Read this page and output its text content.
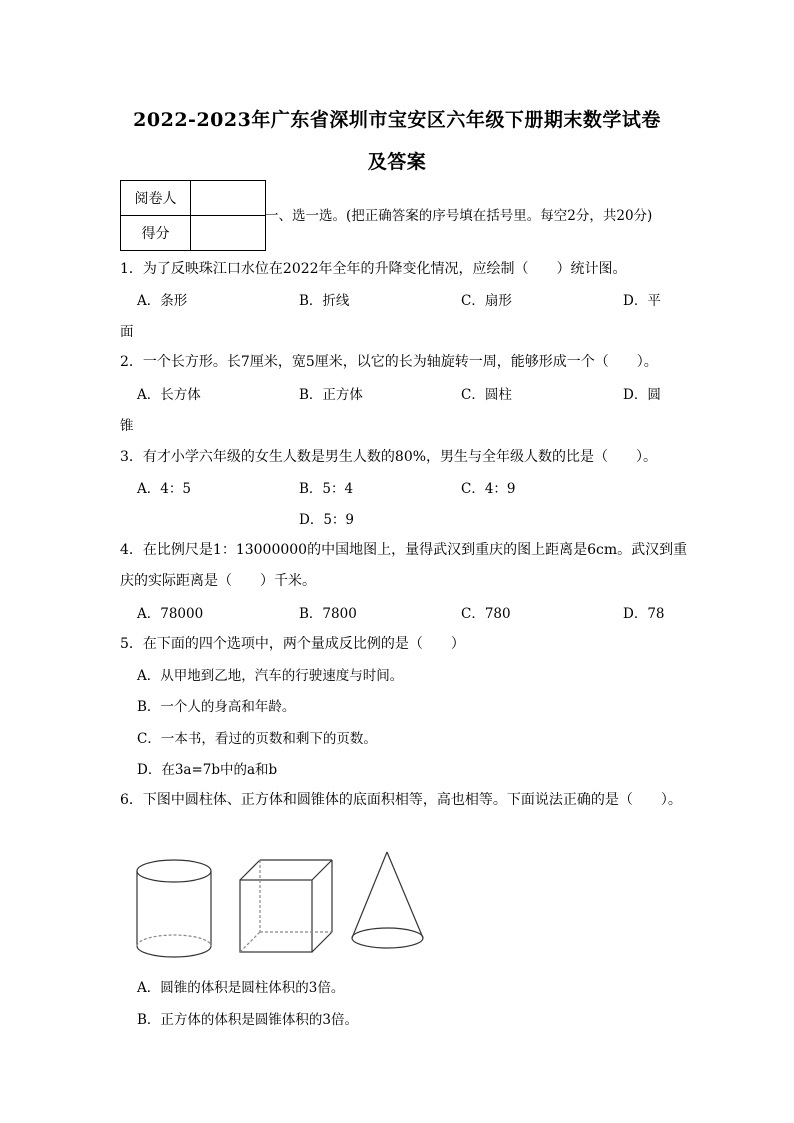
2022-2023年广东省深圳市宝安区六年级下册期末数学试卷
及答案
阅卷人	
得分	
一、选一选。(把正确答案的序号填在括号里。每空2分，共20分)
1．为了反映珠江口水位在2022年全年的升降变化情况，应绘制（　　）统计图。
A．条形	B．折线	C．扇形	D．平
面
2．一个长方形。长7厘米，宽5厘米，以它的长为轴旋转一周，能够形成一个（　　）。
A．长方体	B．正方体	C．圆柱	D．圆
锥
3．有才小学六年级的女生人数是男生人数的80%，男生与全年级人数的比是（　　）。
A．4：5	B．5：4	C．4：9
D．5：9
4．在比例尺是1：13000000的中国地图上，量得武汉到重庆的图上距离是6cm。武汉到重
庆的实际距离是（　　）千米。
A．78000	B．7800	C．780	D．78
5．在下面的四个选项中，两个量成反比例的是（　　）
A．从甲地到乙地，汽车的行驶速度与时间。
B．一个人的身高和年龄。
C．一本书，看过的页数和剩下的页数。
D．在3a=7b中的a和b
6．下图中圆柱体、正方体和圆锥体的底面积相等，高也相等。下面说法正确的是（　　）。
A．圆锥的体积是圆柱体积的3倍。
B．正方体的体积是圆锥体积的3倍。
